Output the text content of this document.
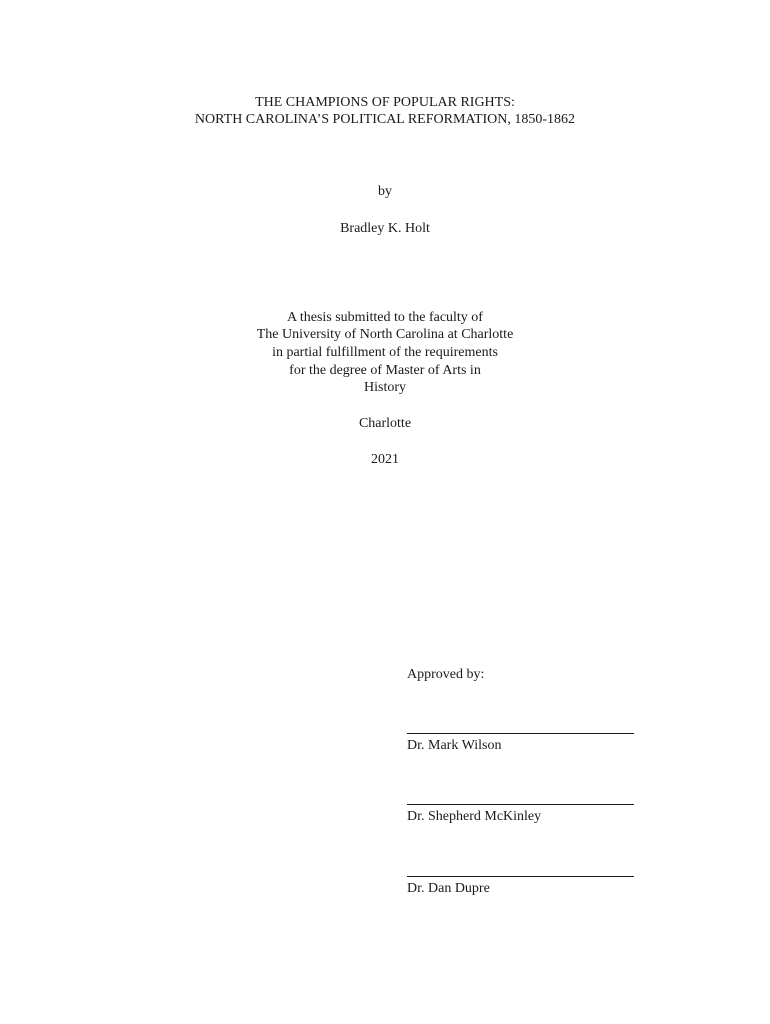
THE CHAMPIONS OF POPULAR RIGHTS:
NORTH CAROLINA’S POLITICAL REFORMATION, 1850-1862
by
Bradley K. Holt
A thesis submitted to the faculty of
The University of North Carolina at Charlotte
in partial fulfillment of the requirements
for the degree of Master of Arts in
History
Charlotte
2021
Approved by:
Dr. Mark Wilson
Dr. Shepherd McKinley
Dr. Dan Dupre
